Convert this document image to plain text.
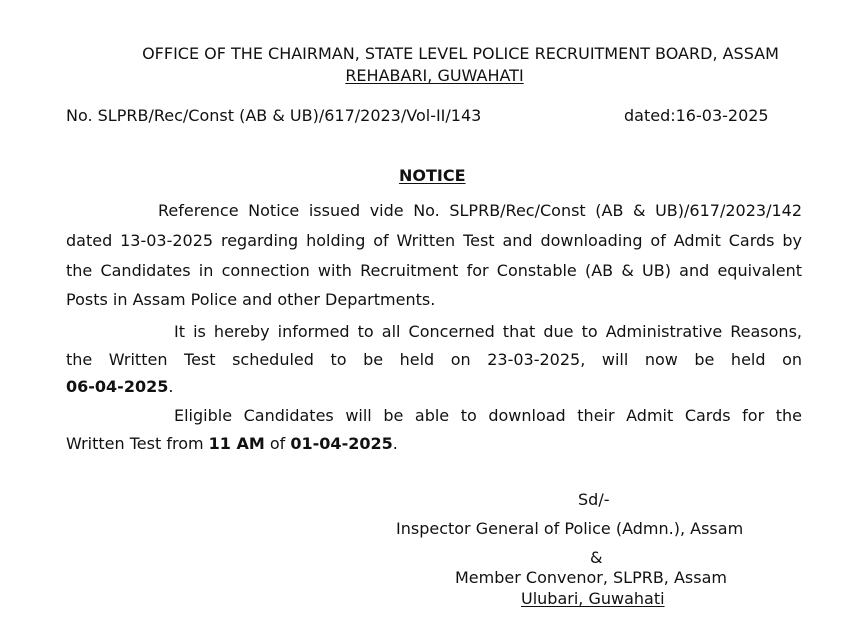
OFFICE OF THE CHAIRMAN, STATE LEVEL POLICE RECRUITMENT BOARD, ASSAM
REHABARI, GUWAHATI
No. SLPRB/Rec/Const (AB & UB)/617/2023/Vol-II/143	dated:16-03-2025
NOTICE
Reference Notice issued vide No. SLPRB/Rec/Const (AB & UB)/617/2023/142
dated 13-03-2025 regarding holding of Written Test and downloading of Admit Cards by
the Candidates in connection with Recruitment for Constable (AB & UB) and equivalent
Posts in Assam Police and other Departments.
It is hereby informed to all Concerned that due to Administrative Reasons,
the Written Test scheduled to be held on 23-03-2025, will now be held on
06-04-2025.
Eligible Candidates will be able to download their Admit Cards for the
Written Test from 11 AM of 01-04-2025.
Sd/-
Inspector General of Police (Admn.), Assam
&
Member Convenor, SLPRB, Assam
Ulubari, Guwahati
